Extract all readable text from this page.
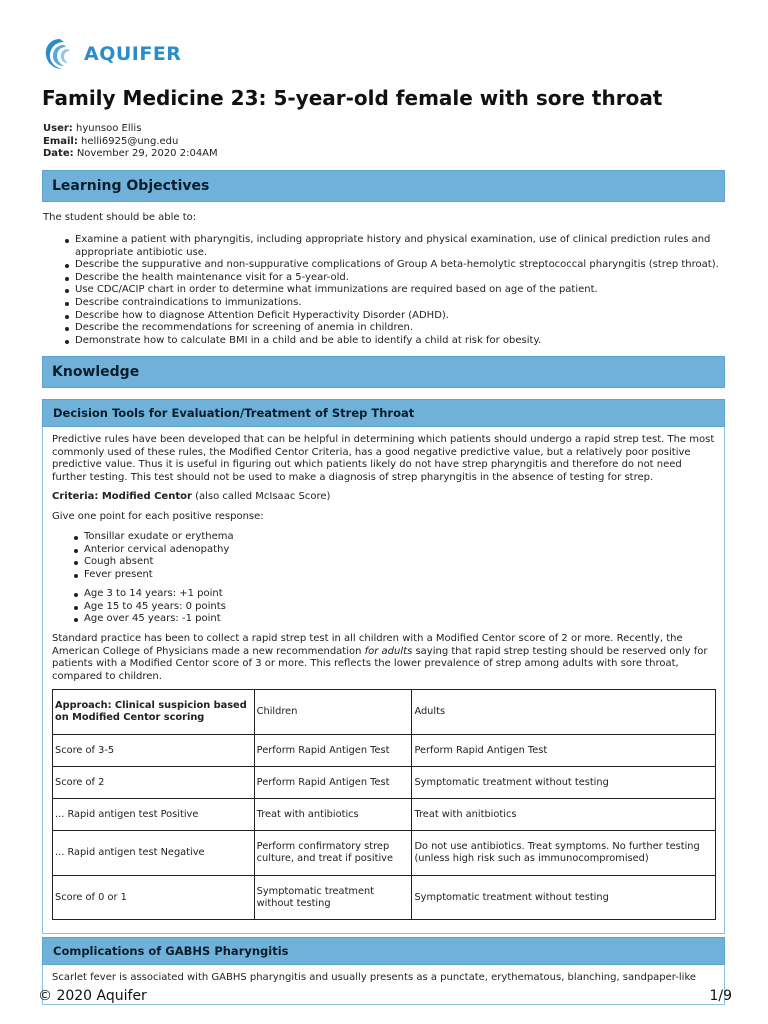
AQUIFER
Family Medicine 23: 5-year-old female with sore throat
User: hyunsoo Ellis
Email: helli6925@ung.edu
Date: November 29, 2020 2:04AM
Learning Objectives
The student should be able to:
Examine a patient with pharyngitis, including appropriate history and physical examination, use of clinical prediction rules and appropriate antibiotic use.
Describe the suppurative and non-suppurative complications of Group A beta-hemolytic streptococcal pharyngitis (strep throat).
Describe the health maintenance visit for a 5-year-old.
Use CDC/ACIP chart in order to determine what immunizations are required based on age of the patient.
Describe contraindications to immunizations.
Describe how to diagnose Attention Deficit Hyperactivity Disorder (ADHD).
Describe the recommendations for screening of anemia in children.
Demonstrate how to calculate BMI in a child and be able to identify a child at risk for obesity.
Knowledge
Decision Tools for Evaluation/Treatment of Strep Throat
Predictive rules have been developed that can be helpful in determining which patients should undergo a rapid strep test. The most commonly used of these rules, the Modified Centor Criteria, has a good negative predictive value, but a relatively poor positive predictive value. Thus it is useful in figuring out which patients likely do not have strep pharyngitis and therefore do not need further testing. This test should not be used to make a diagnosis of strep pharyngitis in the absence of testing for strep.
Criteria: Modified Centor (also called McIsaac Score)
Give one point for each positive response:
Tonsillar exudate or erythema
Anterior cervical adenopathy
Cough absent
Fever present
Age 3 to 14 years: +1 point
Age 15 to 45 years: 0 points
Age over 45 years: -1 point
Standard practice has been to collect a rapid strep test in all children with a Modified Centor score of 2 or more. Recently, the American College of Physicians made a new recommendation for adults saying that rapid strep testing should be reserved only for patients with a Modified Centor score of 3 or more. This reflects the lower prevalence of strep among adults with sore throat, compared to children.
Approach: Clinical suspicion based on Modified Centor scoring	Children	Adults
Score of 3-5	Perform Rapid Antigen Test	Perform Rapid Antigen Test
Score of 2	Perform Rapid Antigen Test	Symptomatic treatment without testing
... Rapid antigen test Positive	Treat with antibiotics	Treat with anitbiotics
... Rapid antigen test Negative	Perform confirmatory strep culture, and treat if positive	Do not use antibiotics. Treat symptoms. No further testing (unless high risk such as immunocompromised)
Score of 0 or 1	Symptomatic treatment without testing	Symptomatic treatment without testing
Complications of GABHS Pharyngitis
Scarlet fever is associated with GABHS pharyngitis and usually presents as a punctate, erythematous, blanching, sandpaper-like
© 2020 Aquifer	1/9
